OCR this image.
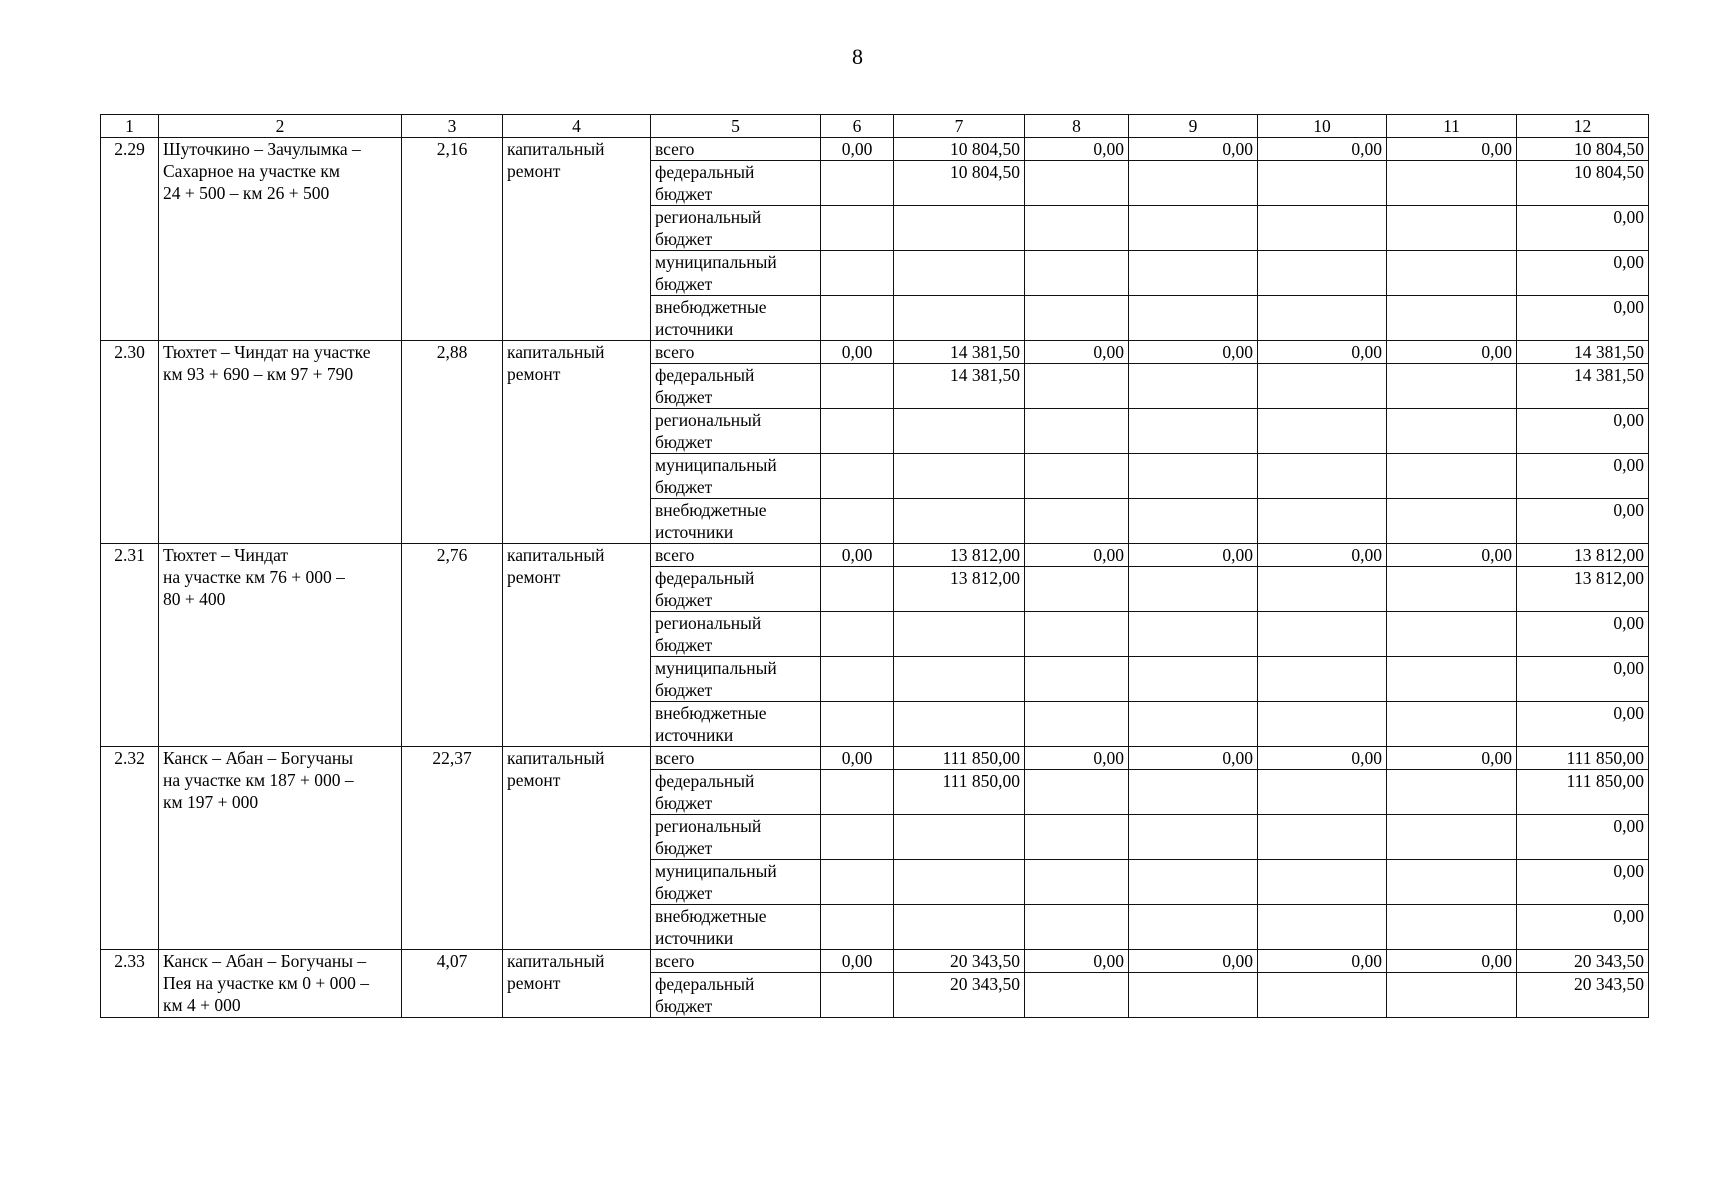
8
1	2	3	4	5	6	7	8	9	10	11	12
2.29	Шуточкино – Зачулымка –
Сахарное на участке км
24 + 500 – км 26 + 500	2,16	капитальный
ремонт	всего	0,00	10 804,50	0,00	0,00	0,00	0,00	10 804,50
				федеральный
бюджет		10 804,50					10 804,50
				региональный
бюджет							0,00
				муниципальный
бюджет							0,00
				внебюджетные
источники							0,00
2.30	Тюхтет – Чиндат на участке
км 93 + 690 – км 97 + 790	2,88	капитальный
ремонт	всего	0,00	14 381,50	0,00	0,00	0,00	0,00	14 381,50
				федеральный
бюджет		14 381,50					14 381,50
				региональный
бюджет							0,00
				муниципальный
бюджет							0,00
				внебюджетные
источники							0,00
2.31	Тюхтет – Чиндат
на участке км 76 + 000 –
80 + 400	2,76	капитальный
ремонт	всего	0,00	13 812,00	0,00	0,00	0,00	0,00	13 812,00
				федеральный
бюджет		13 812,00					13 812,00
				региональный
бюджет							0,00
				муниципальный
бюджет							0,00
				внебюджетные
источники							0,00
2.32	Канск – Абан – Богучаны
на участке км 187 + 000 –
км 197 + 000	22,37	капитальный
ремонт	всего	0,00	111 850,00	0,00	0,00	0,00	0,00	111 850,00
				федеральный
бюджет		111 850,00					111 850,00
				региональный
бюджет							0,00
				муниципальный
бюджет							0,00
				внебюджетные
источники							0,00
2.33	Канск – Абан – Богучаны –
Пея на участке км 0 + 000 –
км 4 + 000	4,07	капитальный
ремонт	всего	0,00	20 343,50	0,00	0,00	0,00	0,00	20 343,50
				федеральный
бюджет		20 343,50					20 343,50
